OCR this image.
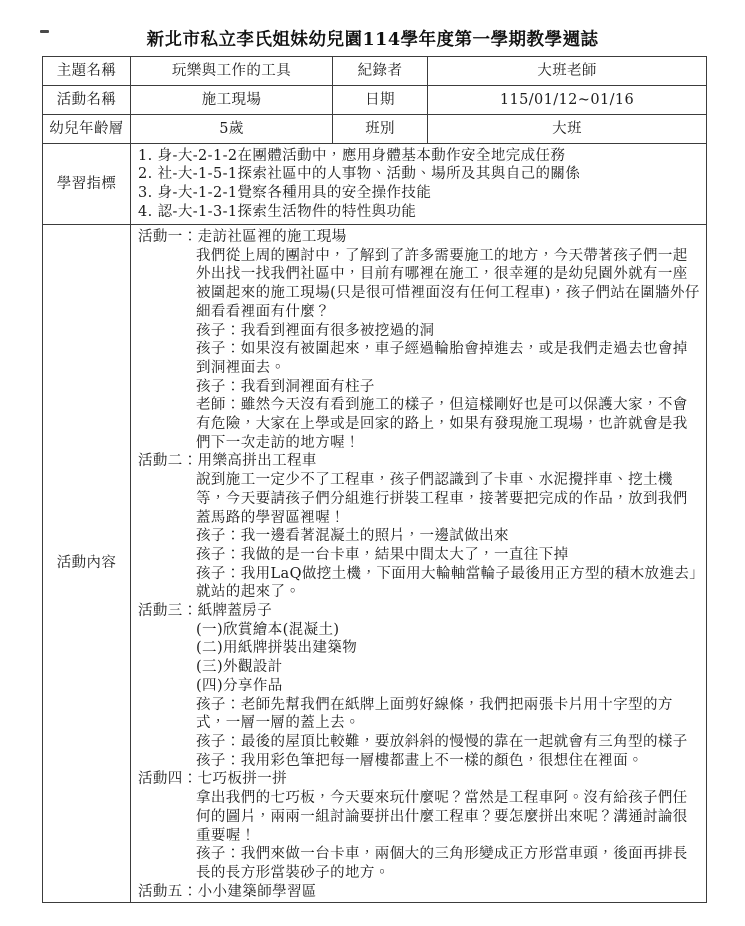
新北市私立李氏姐妹幼兒園114學年度第一學期教學週誌
主題名稱	玩樂與工作的工具	紀錄者	大班老師
活動名稱	施工現場	日期	115/01/12~01/16
幼兒年齡層	5歲	班別	大班
學習指標	1. 身-大-2-1-2在團體活動中，應用身體基本動作安全地完成任務
2. 社-大-1-5-1探索社區中的人事物、活動、場所及其與自己的關係
3. 身-大-1-2-1覺察各種用具的安全操作技能
4. 認-大-1-3-1探索生活物件的特性與功能		

活動內容	
活動一：走訪社區裡的施工現場
我們從上周的團討中，了解到了許多需要施工的地方，今天帶著孩子們一起外出找一找我們社區中，目前有哪裡在施工，很幸運的是幼兒園外就有一座被圍起來的施工現場(只是很可惜裡面沒有任何工程車)，孩子們站在圍牆外仔細看看裡面有什麼？
孩子：我看到裡面有很多被挖過的洞
孩子：如果沒有被圍起來，車子經過輪胎會掉進去，或是我們走過去也會掉到洞裡面去。
孩子：我看到洞裡面有柱子
老師：雖然今天沒有看到施工的樣子，但這樣剛好也是可以保護大家，不會有危險，大家在上學或是回家的路上，如果有發現施工現場，也許就會是我們下一次走訪的地方喔！
活動二：用樂高拼出工程車
說到施工一定少不了工程車，孩子們認識到了卡車、水泥攪拌車、挖土機等，今天要請孩子們分組進行拼裝工程車，接著要把完成的作品，放到我們蓋馬路的學習區裡喔！
孩子：我一邊看著混凝土的照片，一邊試做出來
孩子：我做的是一台卡車，結果中間太大了，一直往下掉
孩子：我用LaQ做挖土機，下面用大輪軸當輪子最後用正方型的積木放進去」就站的起來了。
活動三：紙牌蓋房子
(一)欣賞繪本(混凝土)
(二)用紙牌拼裝出建築物
(三)外觀設計
(四)分享作品
孩子：老師先幫我們在紙牌上面剪好線條，我們把兩張卡片用十字型的方式，一層一層的蓋上去。
孩子：最後的屋頂比較難，要放斜斜的慢慢的靠在一起就會有三角型的樣子
孩子：我用彩色筆把每一層樓都畫上不一樣的顏色，很想住在裡面。
活動四：七巧板拼一拼
拿出我們的七巧板，今天要來玩什麼呢？當然是工程車阿。沒有給孩子們任何的圖片，兩兩一組討論要拼出什麼工程車？要怎麼拼出來呢？溝通討論很重要喔！
孩子：我們來做一台卡車，兩個大的三角形變成正方形當車頭，後面再排長長的長方形當裝砂子的地方。
活動五：小小建築師學習區
